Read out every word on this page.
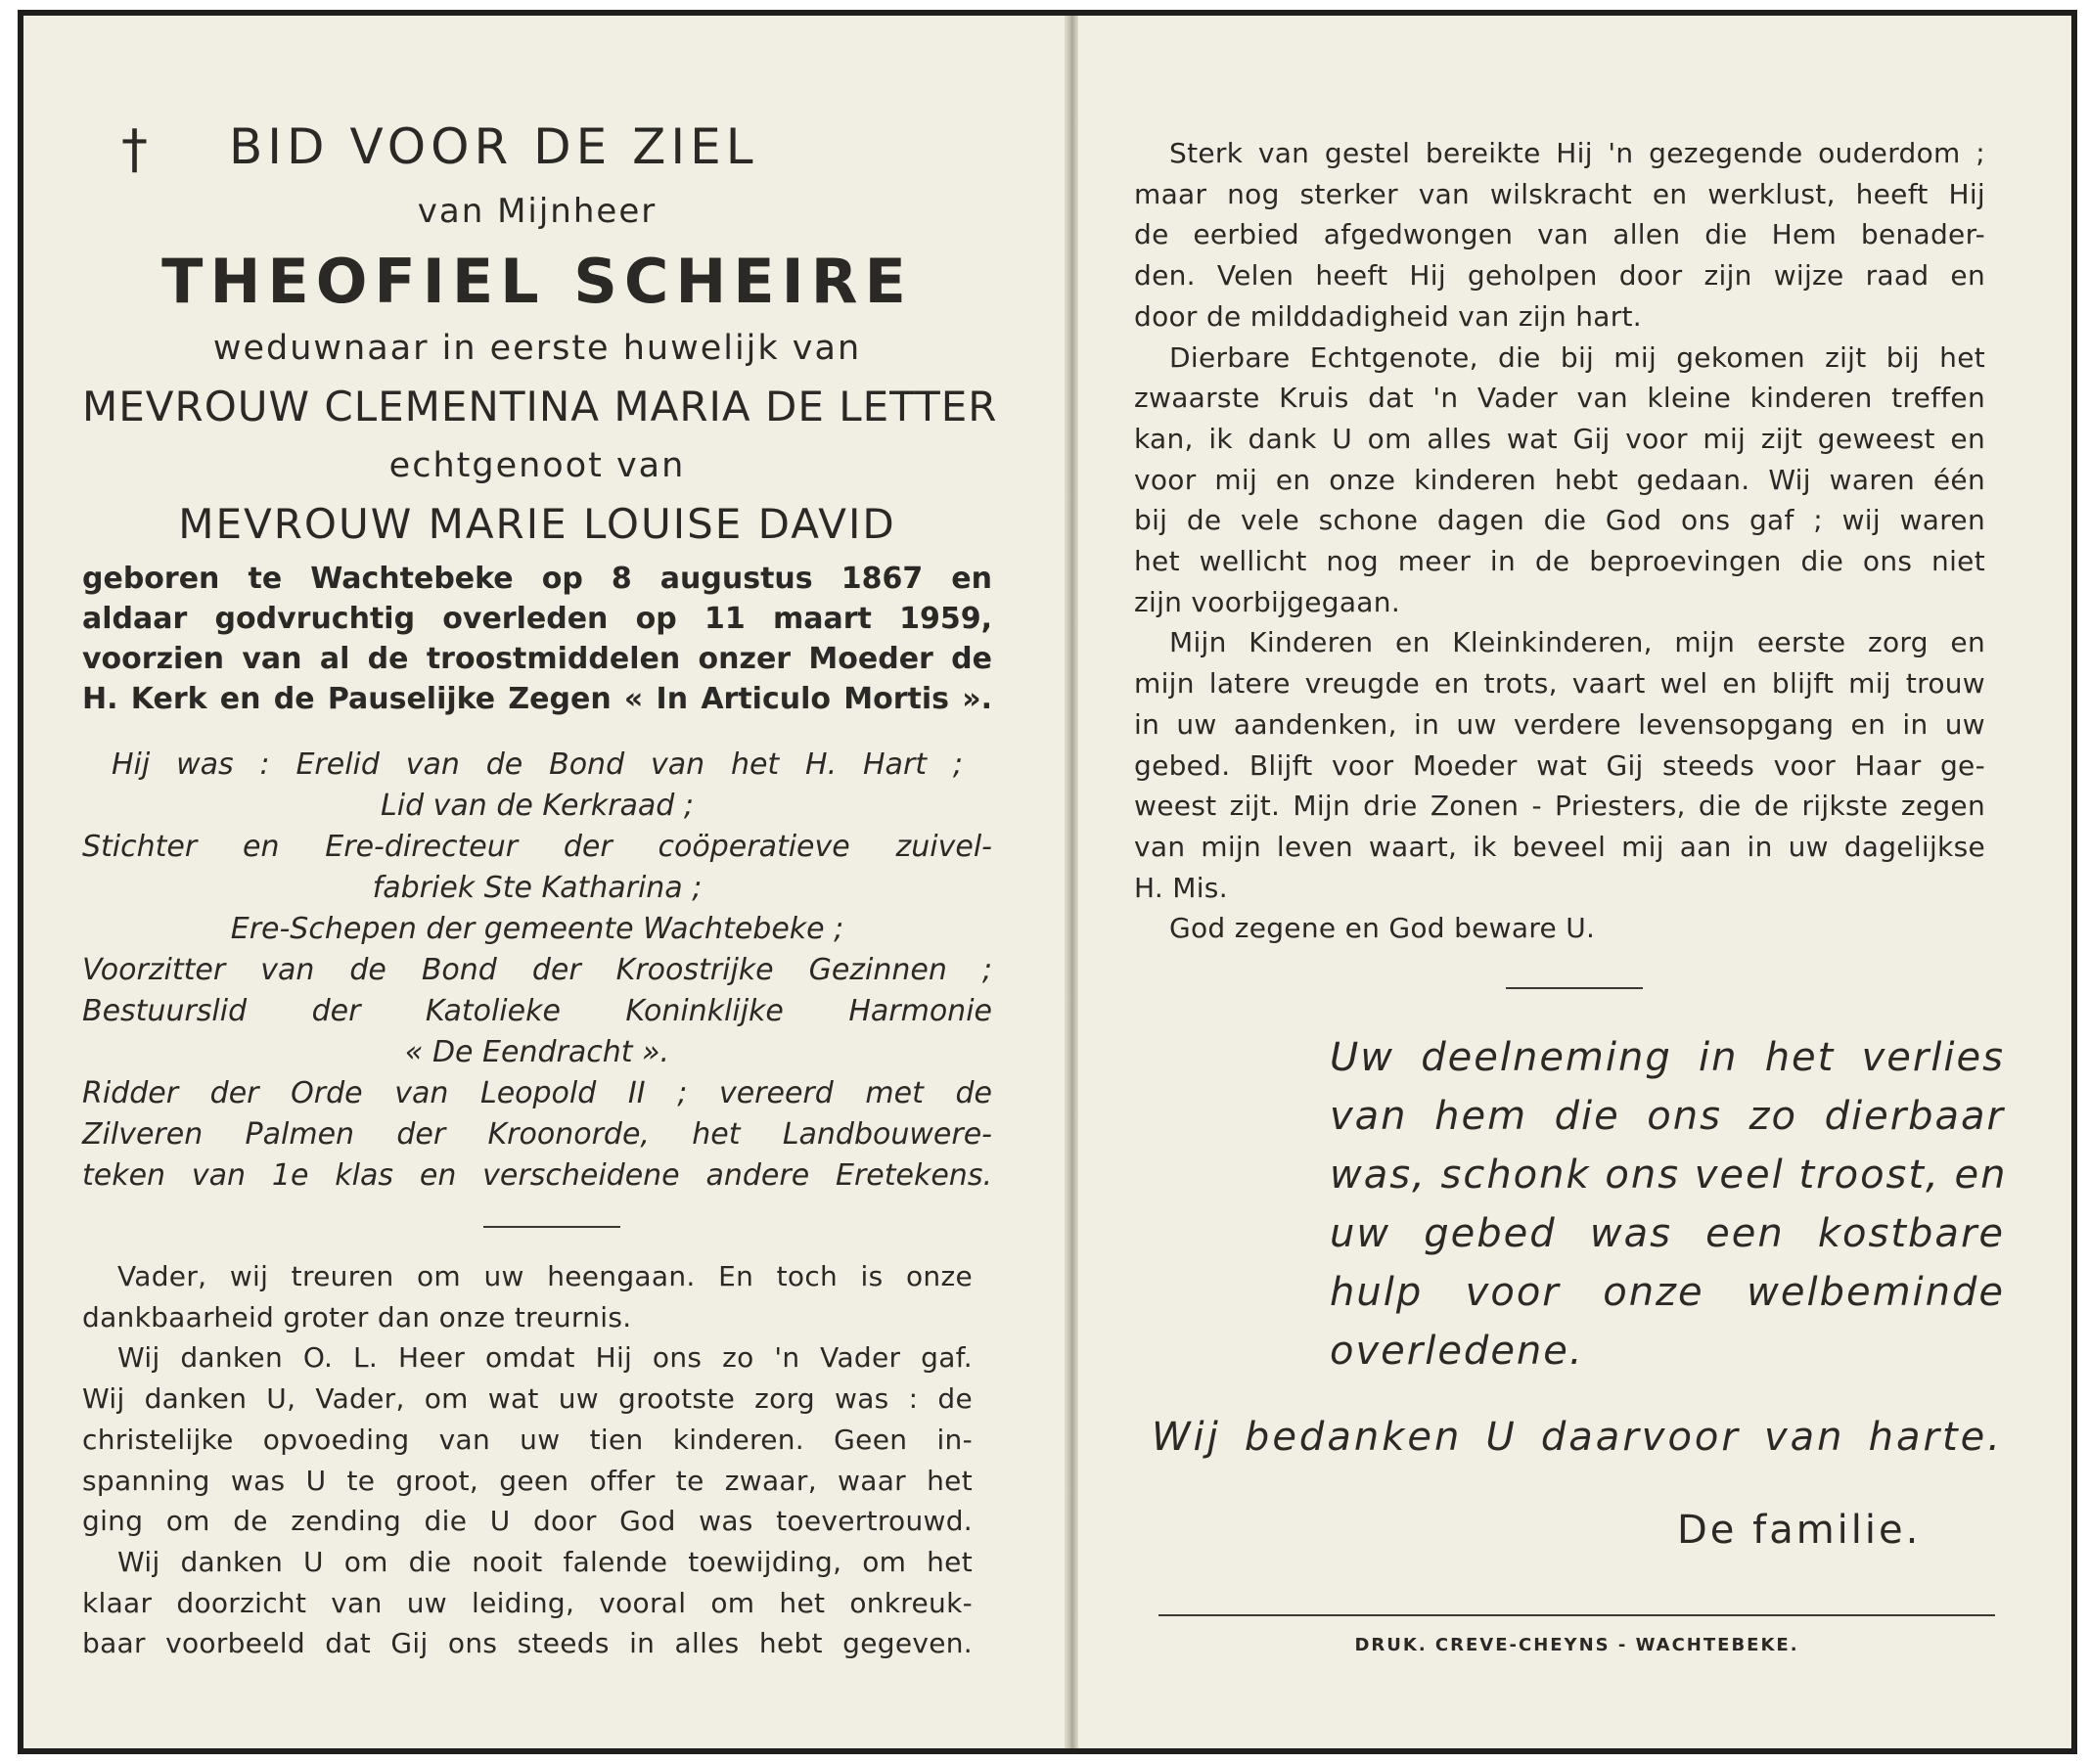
† BID VOOR DE ZIEL
van Mijnheer
THEOFIEL SCHEIRE
weduwnaar in eerste huwelijk van
MEVROUW CLEMENTINA MARIA DE LETTER
echtgenoot van
MEVROUW MARIE LOUISE DAVID
geboren te Wachtebeke op 8 augustus 1867 en
aldaar godvruchtig overleden op 11 maart 1959,
voorzien van al de troostmiddelen onzer Moeder de
H. Kerk en de Pauselijke Zegen « In Articulo Mortis ».
Hij was : Erelid van de Bond van het H. Hart ;
Lid van de Kerkraad ;
Stichter en Ere-directeur der coöperatieve zuivel-
fabriek Ste Katharina ;
Ere-Schepen der gemeente Wachtebeke ;
Voorzitter van de Bond der Kroostrijke Gezinnen ;
Bestuurslid der Katolieke Koninklijke Harmonie
« De Eendracht ».
Ridder der Orde van Leopold II ; vereerd met de
Zilveren Palmen der Kroonorde, het Landbouwere-
teken van 1e klas en verscheidene andere Eretekens.
Vader, wij treuren om uw heengaan. En toch is onze
dankbaarheid groter dan onze treurnis.
Wij danken O. L. Heer omdat Hij ons zo 'n Vader gaf.
Wij danken U, Vader, om wat uw grootste zorg was : de
christelijke opvoeding van uw tien kinderen. Geen in-
spanning was U te groot, geen offer te zwaar, waar het
ging om de zending die U door God was toevertrouwd.
Wij danken U om die nooit falende toewijding, om het
klaar doorzicht van uw leiding, vooral om het onkreuk-
baar voorbeeld dat Gij ons steeds in alles hebt gegeven.
Sterk van gestel bereikte Hij 'n gezegende ouderdom ;
maar nog sterker van wilskracht en werklust, heeft Hij
de eerbied afgedwongen van allen die Hem benader-
den. Velen heeft Hij geholpen door zijn wijze raad en
door de milddadigheid van zijn hart.
Dierbare Echtgenote, die bij mij gekomen zijt bij het
zwaarste Kruis dat 'n Vader van kleine kinderen treffen
kan, ik dank U om alles wat Gij voor mij zijt geweest en
voor mij en onze kinderen hebt gedaan. Wij waren één
bij de vele schone dagen die God ons gaf ; wij waren
het wellicht nog meer in de beproevingen die ons niet
zijn voorbijgegaan.
Mijn Kinderen en Kleinkinderen, mijn eerste zorg en
mijn latere vreugde en trots, vaart wel en blijft mij trouw
in uw aandenken, in uw verdere levensopgang en in uw
gebed. Blijft voor Moeder wat Gij steeds voor Haar ge-
weest zijt. Mijn drie Zonen - Priesters, die de rijkste zegen
van mijn leven waart, ik beveel mij aan in uw dagelijkse
H. Mis.
God zegene en God beware U.
Uw deelneming in het verlies
van hem die ons zo dierbaar
was, schonk ons veel troost, en
uw gebed was een kostbare
hulp voor onze welbeminde
overledene.
Wij bedanken U daarvoor van harte.
De familie.
DRUK. CREVE-CHEYNS - WACHTEBEKE.
